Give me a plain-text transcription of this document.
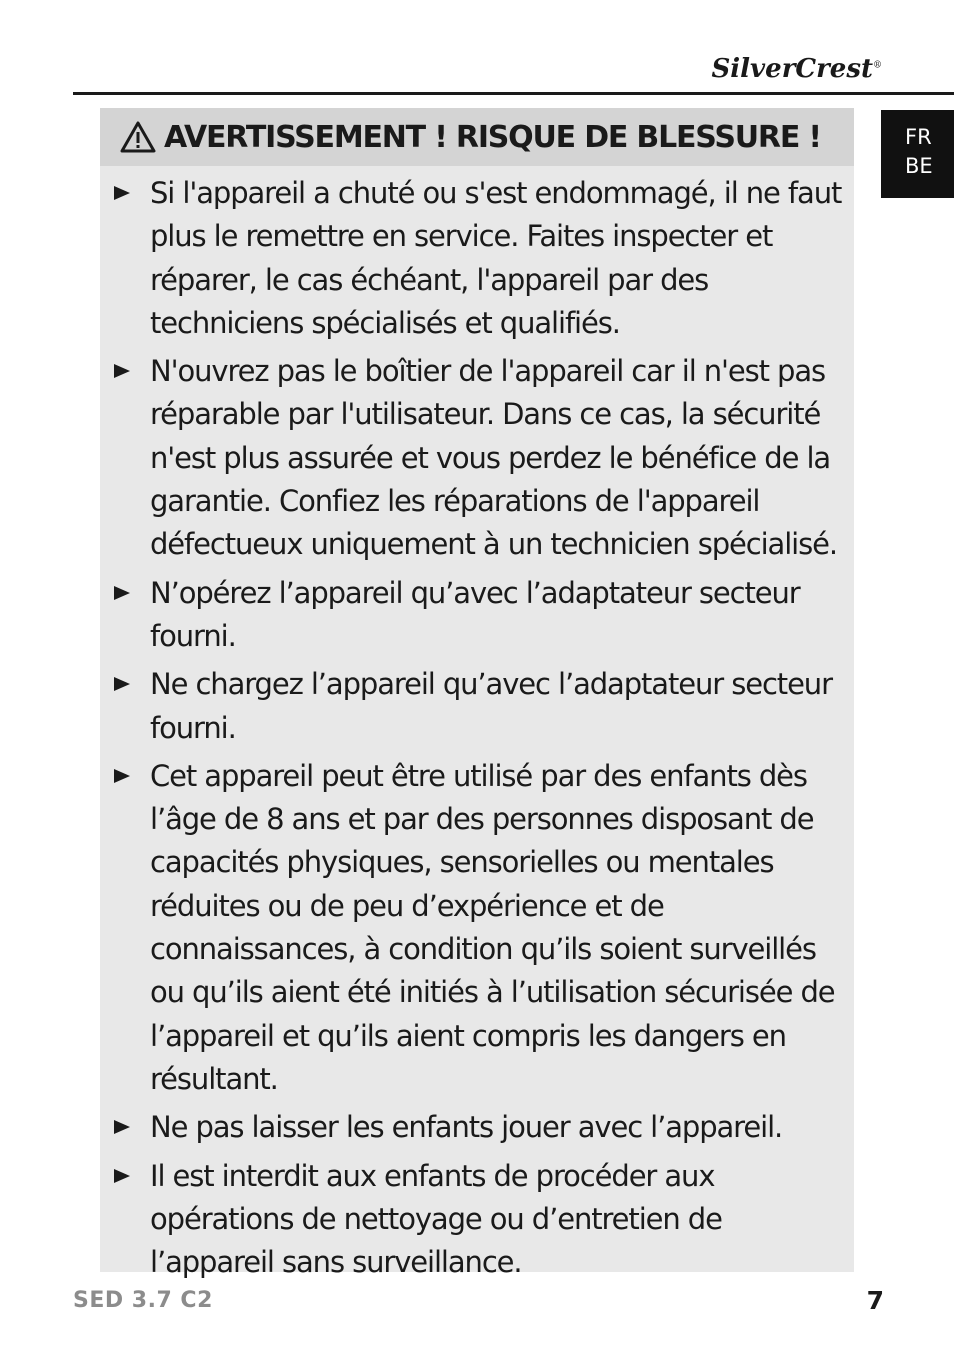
SilverCrest®
FR
BE
AVERTISSEMENT ! RISQUE DE BLESSURE !
Si l'appareil a chuté ou s'est endommagé, il ne faut plus le remettre en service. Faites inspecter et réparer, le cas échéant, l'appareil par des techniciens spécialisés et qualifiés.
N'ouvrez pas le boîtier de l'appareil car il n'est pas réparable par l'utilisateur. Dans ce cas, la sécurité n'est plus assurée et vous perdez le bénéfice de la garantie. Confiez les réparations de l'appareil défectueux uniquement à un technicien spécialisé.
N’opérez l’appareil qu’avec l’adaptateur secteur fourni.
Ne chargez l’appareil qu’avec l’adaptateur secteur fourni.
Cet appareil peut être utilisé par des enfants dès l’âge de 8 ans et par des personnes disposant de capacités physiques, sensorielles ou mentales réduites ou de peu d’expérience et de connaissances, à condition qu’ils soient surveillés ou qu’ils aient été initiés à l’utilisation sécurisée de l’appareil et qu’ils aient compris les dangers en résultant.
Ne pas laisser les enfants jouer avec l’appareil.
Il est interdit aux enfants de procéder aux opérations de nettoyage ou d’entretien de l’appareil sans surveillance.
SED 3.7 C2	7
